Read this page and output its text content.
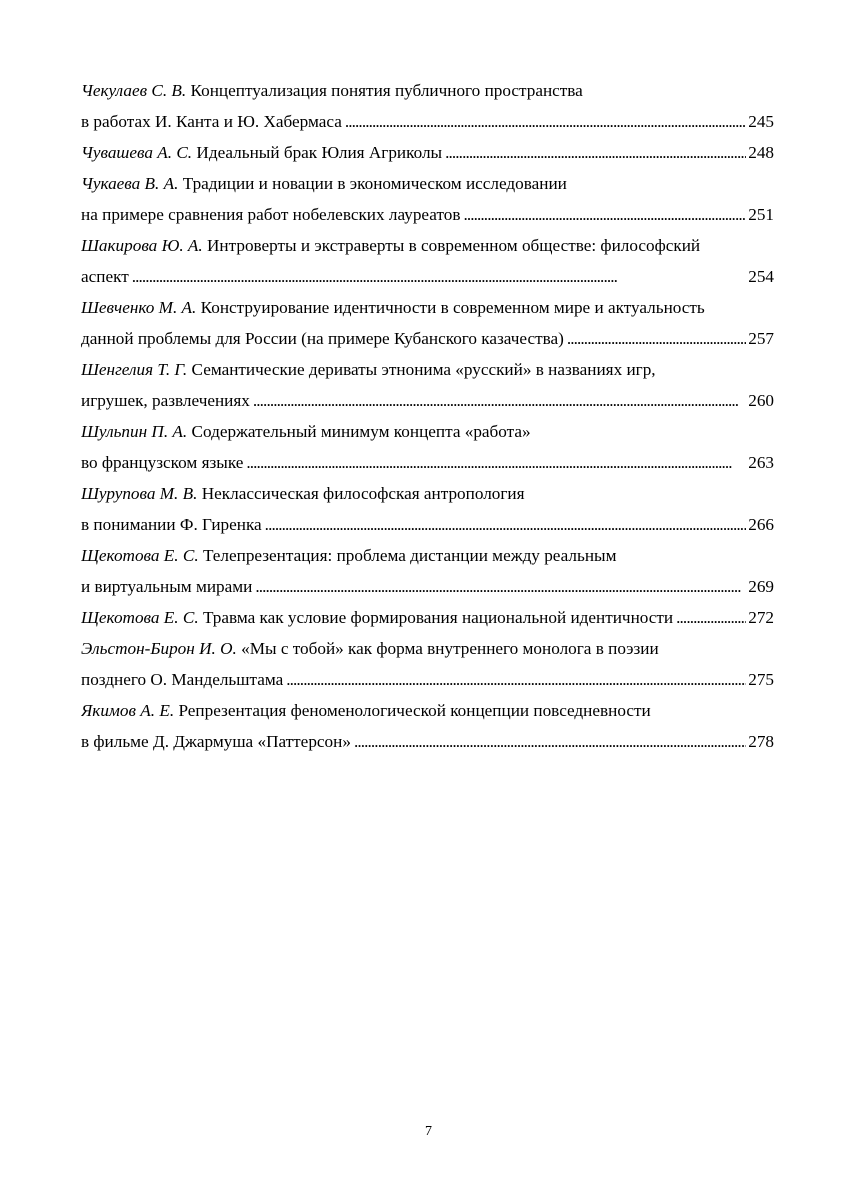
Чекулаев С. В. Концептуализация понятия публичного пространства
в работах И. Канта и Ю. Хабермаса . . .	245
Чувашева А. С. Идеальный брак Юлия Агриколы . . .	248
Чукаева В. А. Традиции и новации в экономическом исследовании
на примере сравнения работ нобелевских лауреатов . . .	251
Шакирова Ю. А. Интроверты и экстраверты в современном обществе: философский
аспект . . .	254
Шевченко М. А. Конструирование идентичности в современном мире и актуальность
данной проблемы для России (на примере Кубанского казачества) . . .	257
Шенгелия Т. Г. Семантические дериваты этнонима «русский» в названиях игр,
игрушек, развлечениях . . .	260
Шульпин П. А. Содержательный минимум концепта «работа»
во французском языке . . .	263
Шурупова М. В. Неклассическая философская антропология
в понимании Ф. Гиренка . . .	266
Щекотова Е. С. Телепрезентация: проблема дистанции между реальным
и виртуальным мирами . . .	269
Щекотова Е. С. Травма как условие формирования национальной идентичности . . .	272
Эльстон-Бирон И. О. «Мы с тобой» как форма внутреннего монолога в поэзии
позднего О. Мандельштама . . .	275
Якимов А. Е. Репрезентация феноменологической концепции повседневности
в фильме Д. Джармуша «Паттерсон» . . .	278
7
